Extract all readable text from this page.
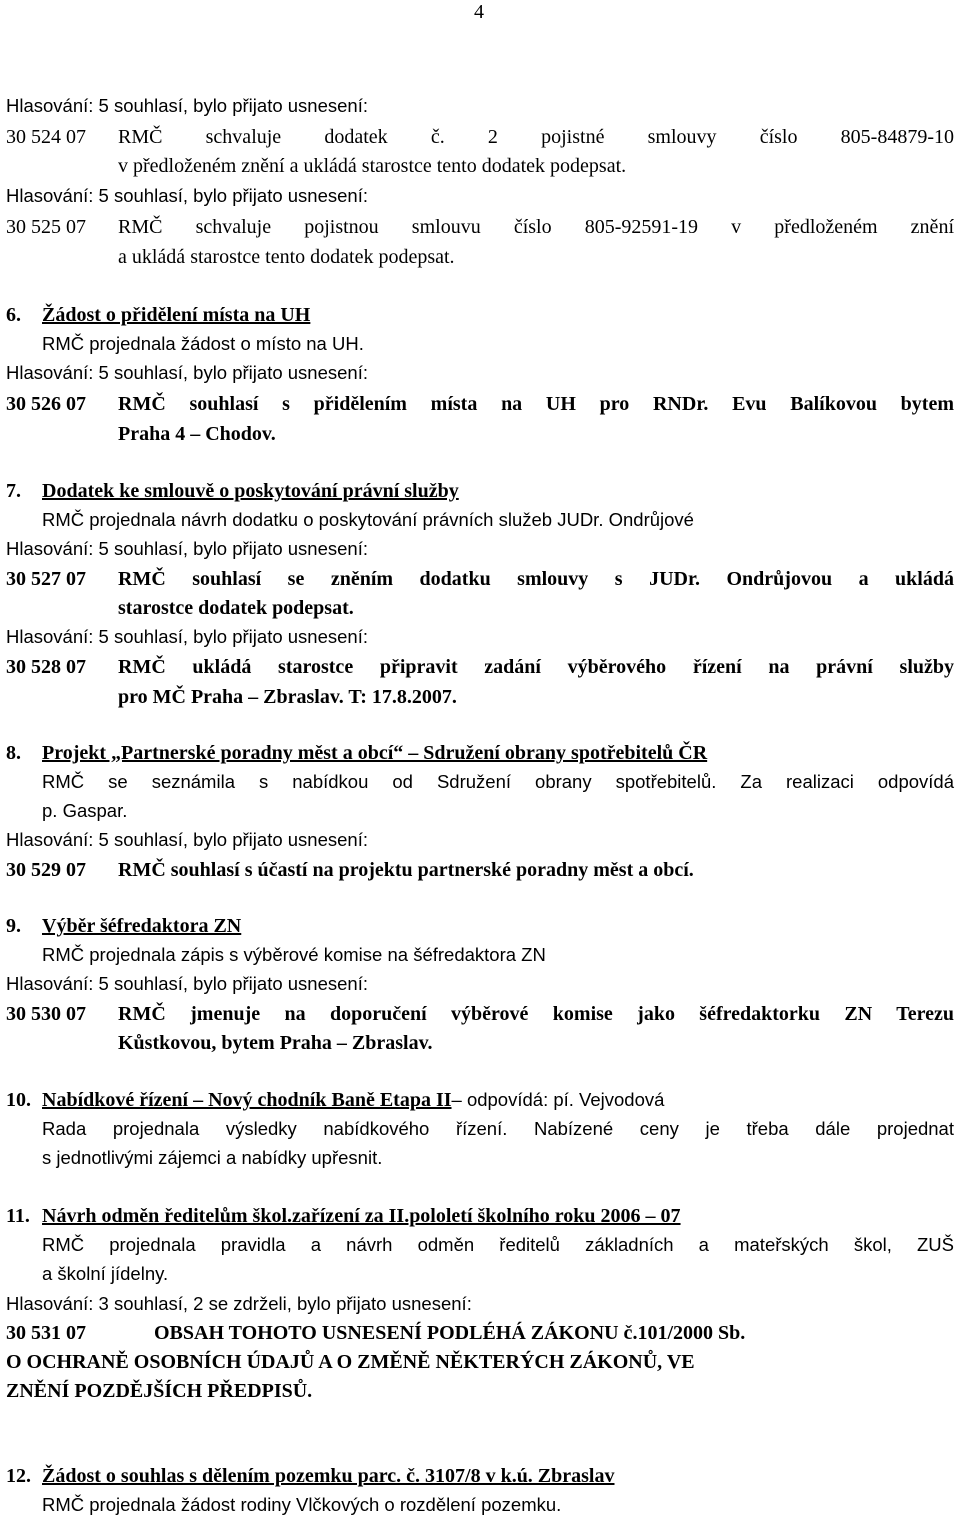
4
Hlasování: 5 souhlasí, bylo přijato usnesení:
30 524 07 RMČ schvaluje dodatek č. 2 pojistné smlouvy číslo 805-84879-10
v předloženém znění a ukládá starostce tento dodatek podepsat.
Hlasování: 5 souhlasí, bylo přijato usnesení:
30 525 07 RMČ schvaluje pojistnou smlouvu číslo 805-92591-19 v předloženém znění
a ukládá starostce tento dodatek podepsat.
6. Žádost o přidělení místa na UH
RMČ projednala žádost o místo na UH.
Hlasování: 5 souhlasí, bylo přijato usnesení:
30 526 07 RMČ souhlasí s přidělením místa na UH pro RNDr. Evu Balíkovou bytem
Praha 4 – Chodov.
7. Dodatek ke smlouvě o poskytování právní služby
RMČ projednala návrh dodatku o poskytování právních služeb JUDr. Ondrůjové
Hlasování: 5 souhlasí, bylo přijato usnesení:
30 527 07 RMČ souhlasí se zněním dodatku smlouvy s JUDr. Ondrůjovou a ukládá
starostce dodatek podepsat.
Hlasování: 5 souhlasí, bylo přijato usnesení:
30 528 07 RMČ ukládá starostce připravit zadání výběrového řízení na právní služby
pro MČ Praha – Zbraslav. T: 17.8.2007.
8. Projekt „Partnerské poradny měst a obcí“ – Sdružení obrany spotřebitelů ČR
RMČ se seznámila s nabídkou od Sdružení obrany spotřebitelů. Za realizaci odpovídá
p. Gaspar.
Hlasování: 5 souhlasí, bylo přijato usnesení:
30 529 07 RMČ souhlasí s účastí na projektu partnerské poradny měst a obcí.
9. Výběr šéfredaktora ZN
RMČ projednala zápis s výběrové komise na šéfredaktora ZN
Hlasování: 5 souhlasí, bylo přijato usnesení:
30 530 07 RMČ jmenuje na doporučení výběrové komise jako šéfredaktorku ZN Terezu
Kůstkovou, bytem Praha – Zbraslav.
10. Nabídkové řízení – Nový chodník Baně Etapa II– odpovídá: pí. Vejvodová
Rada projednala výsledky nabídkového řízení. Nabízené ceny je třeba dále projednat
s jednotlivými zájemci a nabídky upřesnit.
11. Návrh odměn ředitelům škol.zařízení za II.pololetí školního roku 2006 – 07
RMČ projednala pravidla a návrh odměn ředitelů základních a mateřských škol, ZUŠ
a školní jídelny.
Hlasování: 3 souhlasí, 2 se zdrželi, bylo přijato usnesení:
30 531 07	OBSAH TOHOTO USNESENÍ PODLÉHÁ ZÁKONU č.101/2000 Sb.
O OCHRANĚ OSOBNÍCH ÚDAJŮ A O ZMĚNĚ NĚKTERÝCH ZÁKONŮ, VE
ZNĚNÍ POZDĚJŠÍCH PŘEDPISŮ.
12. Žádost o souhlas s dělením pozemku parc. č. 3107/8 v k.ú. Zbraslav
RMČ projednala žádost rodiny Vlčkových o rozdělení pozemku.
